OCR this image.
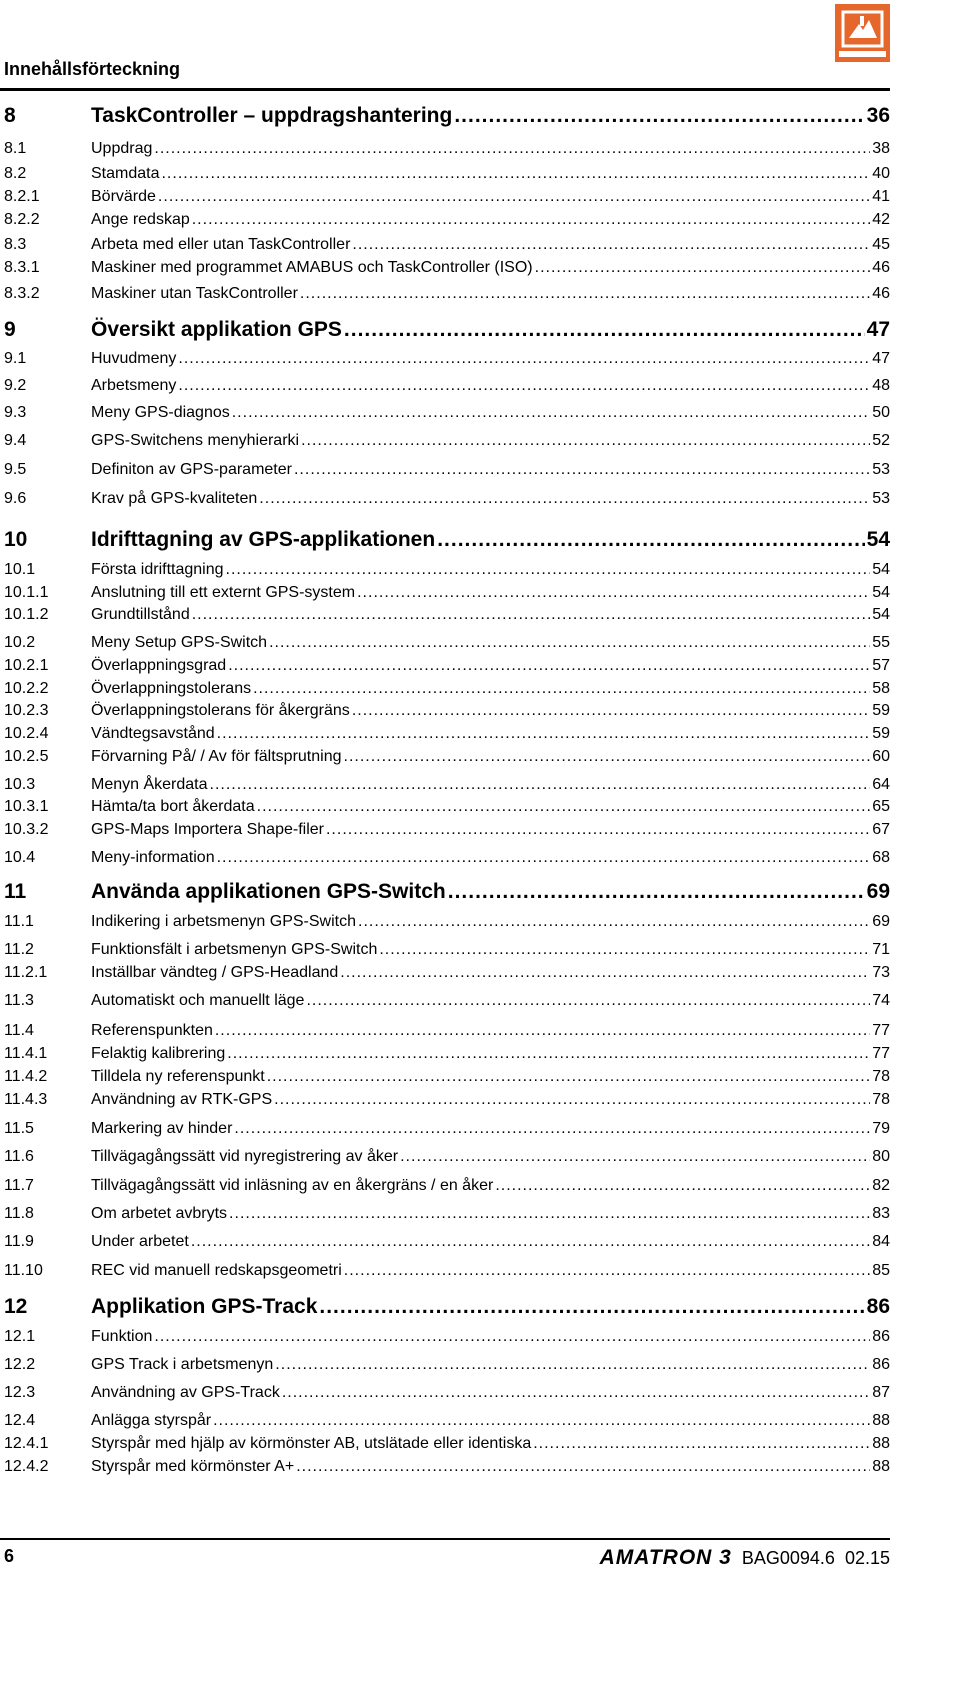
Innehållsförteckning
8	TaskController – uppdragshantering .....	36
8.1	Uppdrag .....	38
8.2	Stamdata .....	40
8.2.1	Börvärde .....	41
8.2.2	Ange redskap .....	42
8.3	Arbeta med eller utan TaskController .....	45
8.3.1	Maskiner med programmet AMABUS och TaskController (ISO) .....	46
8.3.2	Maskiner utan TaskController .....	46
9	Översikt applikation GPS .....	47
9.1	Huvudmeny .....	47
9.2	Arbetsmeny .....	48
9.3	Meny GPS-diagnos .....	50
9.4	GPS-Switchens menyhierarki .....	52
9.5	Definiton av GPS-parameter .....	53
9.6	Krav på GPS-kvaliteten .....	53
10	Idrifttagning av GPS-applikationen .....	54
10.1	Första idrifttagning .....	54
10.1.1	Anslutning till ett externt GPS-system .....	54
10.1.2	Grundtillstånd .....	54
10.2	Meny Setup GPS-Switch .....	55
10.2.1	Överlappningsgrad .....	57
10.2.2	Överlappningstolerans .....	58
10.2.3	Överlappningstolerans för åkergräns .....	59
10.2.4	Vändtegsavstånd .....	59
10.2.5	Förvarning På/ / Av för fältsprutning .....	60
10.3	Menyn Åkerdata .....	64
10.3.1	Hämta/ta bort åkerdata .....	65
10.3.2	GPS-Maps Importera Shape-filer .....	67
10.4	Meny-information .....	68
11	Använda applikationen GPS-Switch .....	69
11.1	Indikering i arbetsmenyn GPS-Switch .....	69
11.2	Funktionsfält i arbetsmenyn GPS-Switch .....	71
11.2.1	Inställbar vändteg / GPS-Headland .....	73
11.3	Automatiskt och manuellt läge .....	74
11.4	Referenspunkten .....	77
11.4.1	Felaktig kalibrering .....	77
11.4.2	Tilldela ny referenspunkt .....	78
11.4.3	Användning av RTK-GPS .....	78
11.5	Markering av hinder .....	79
11.6	Tillvägagångssätt vid nyregistrering av åker .....	80
11.7	Tillvägagångssätt vid inläsning av en åkergräns / en åker .....	82
11.8	Om arbetet avbryts .....	83
11.9	Under arbetet .....	84
11.10	REC vid manuell redskapsgeometri .....	85
12	Applikation GPS-Track .....	86
12.1	Funktion .....	86
12.2	GPS Track i arbetsmenyn .....	86
12.3	Användning av GPS-Track .....	87
12.4	Anlägga styrspår .....	88
12.4.1	Styrspår med hjälp av körmönster AB, utslätade eller identiska .....	88
12.4.2	Styrspår med körmönster A+ .....	88
6	AMATRON 3 BAG0094.6 02.15
